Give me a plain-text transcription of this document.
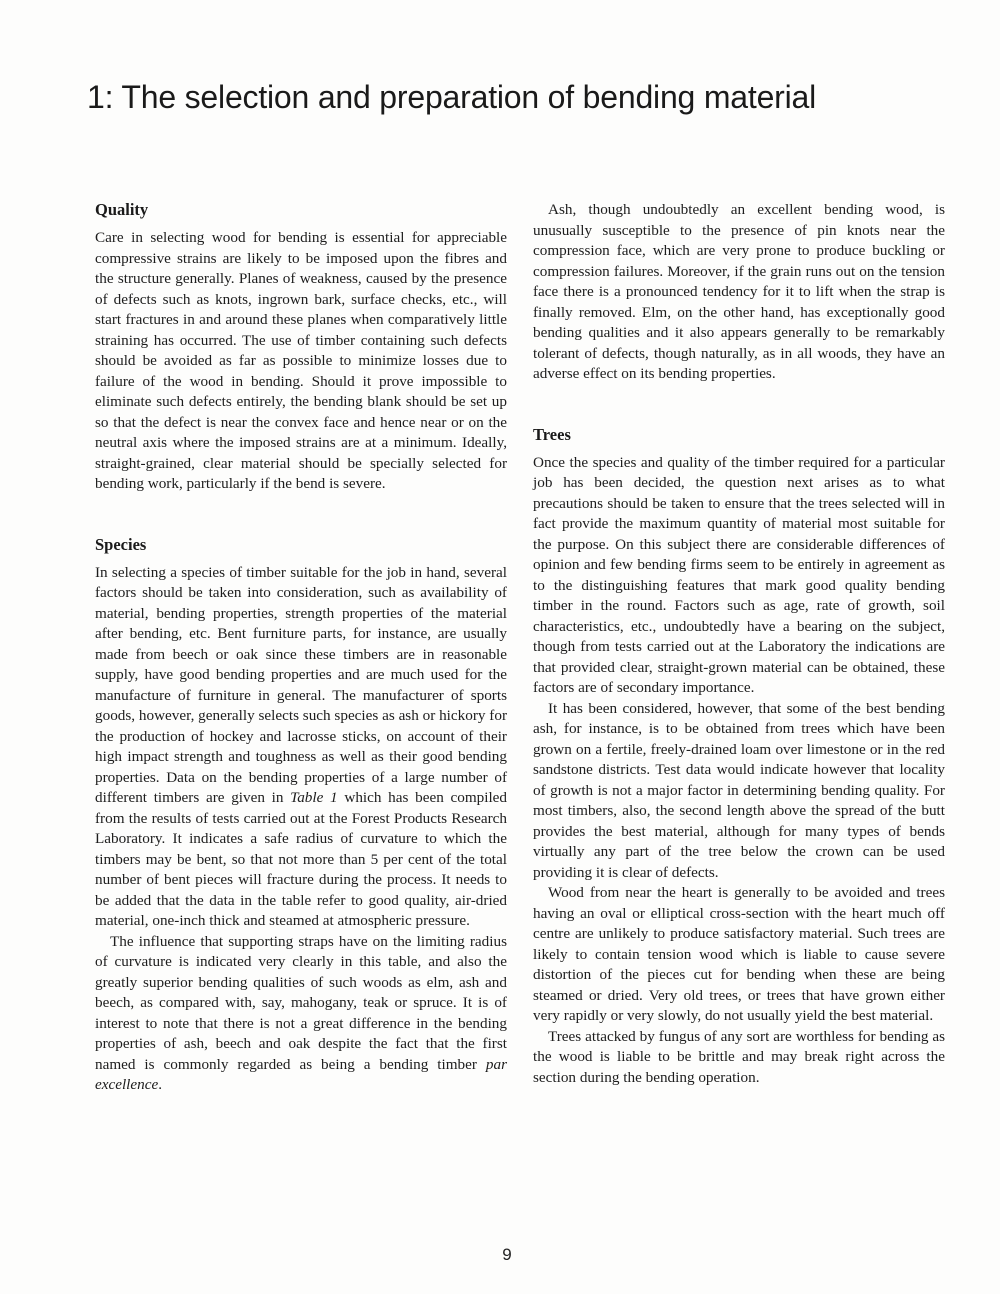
1: The selection and preparation of bending material
Quality

Care in selecting wood for bending is essential for appreciable compressive strains are likely to be imposed upon the fibres and the structure generally. Planes of weakness, caused by the presence of defects such as knots, ingrown bark, surface checks, etc., will start fractures in and around these planes when comparatively little straining has occurred. The use of timber containing such defects should be avoided as far as possible to minimize losses due to failure of the wood in bending. Should it prove impossible to eliminate such defects entirely, the bending blank should be set up so that the defect is near the convex face and hence near or on the neutral axis where the imposed strains are at a minimum. Ideally, straight-grained, clear material should be specially selected for bending work, particularly if the bend is severe.

Species

In selecting a species of timber suitable for the job in hand, several factors should be taken into consideration, such as availability of material, bending properties, strength properties of the material after bending, etc. Bent furniture parts, for instance, are usually made from beech or oak since these timbers are in reasonable supply, have good bending properties and are much used for the manufacture of furniture in general. The manufacturer of sports goods, however, generally selects such species as ash or hickory for the production of hockey and lacrosse sticks, on account of their high impact strength and toughness as well as their good bending properties. Data on the bending properties of a large number of different timbers are given in Table 1 which has been compiled from the results of tests carried out at the Forest Products Research Laboratory. It indicates a safe radius of curvature to which the timbers may be bent, so that not more than 5 per cent of the total number of bent pieces will fracture during the process. It needs to be added that the data in the table refer to good quality, air-dried material, one-inch thick and steamed at atmospheric pressure.

The influence that supporting straps have on the limiting radius of curvature is indicated very clearly in this table, and also the greatly superior bending qualities of such woods as elm, ash and beech, as compared with, say, mahogany, teak or spruce. It is of interest to note that there is not a great difference in the bending properties of ash, beech and oak despite the fact that the first named is commonly regarded as being a bending timber par excellence.

Ash, though undoubtedly an excellent bending wood, is unusually susceptible to the presence of pin knots near the compression face, which are very prone to produce buckling or compression failures. Moreover, if the grain runs out on the tension face there is a pronounced tendency for it to lift when the strap is finally removed. Elm, on the other hand, has exceptionally good bending qualities and it also appears generally to be remarkably tolerant of defects, though naturally, as in all woods, they have an adverse effect on its bending properties.

Trees

Once the species and quality of the timber required for a particular job has been decided, the question next arises as to what precautions should be taken to ensure that the trees selected will in fact provide the maximum quantity of material most suitable for the purpose. On this subject there are considerable differences of opinion and few bending firms seem to be entirely in agreement as to the distinguishing features that mark good quality bending timber in the round. Factors such as age, rate of growth, soil characteristics, etc., undoubtedly have a bearing on the subject, though from tests carried out at the Laboratory the indications are that provided clear, straight-grown material can be obtained, these factors are of secondary importance.

It has been considered, however, that some of the best bending ash, for instance, is to be obtained from trees which have been grown on a fertile, freely-drained loam over limestone or in the red sandstone districts. Test data would indicate however that locality of growth is not a major factor in determining bending quality. For most timbers, also, the second length above the spread of the butt provides the best material, although for many types of bends virtually any part of the tree below the crown can be used providing it is clear of defects.

Wood from near the heart is generally to be avoided and trees having an oval or elliptical cross-section with the heart much off centre are unlikely to produce satisfactory material. Such trees are likely to contain tension wood which is liable to cause severe distortion of the pieces cut for bending when these are being steamed or dried. Very old trees, or trees that have grown either very rapidly or very slowly, do not usually yield the best material.

Trees attacked by fungus of any sort are worthless for bending as the wood is liable to be brittle and may break right across the section during the bending operation.

9
